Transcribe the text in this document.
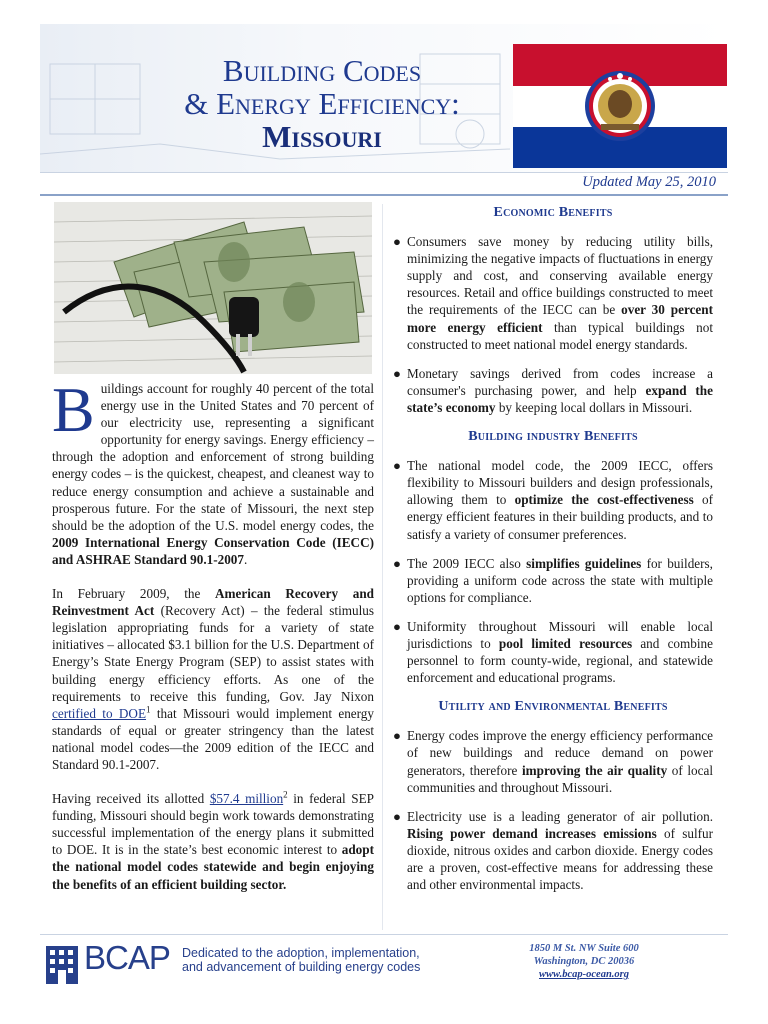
Building Codes
& Energy Efficiency:
Missouri
Updated May 25, 2010

Buildings account for roughly 40 percent of the total energy use in the United States and 70 percent of our electricity use, representing a significant opportunity for energy savings. Energy efficiency – through the adoption and enforcement of strong building energy codes – is the quickest, cheapest, and cleanest way to reduce energy consumption and achieve a sustainable and prosperous future. For the state of Missouri, the next step should be the adoption of the U.S. model energy codes, the 2009 International Energy Conservation Code (IECC) and ASHRAE Standard 90.1-2007.

In February 2009, the American Recovery and Reinvestment Act (Recovery Act) – the federal stimulus legislation appropriating funds for a variety of state initiatives – allocated $3.1 billion for the U.S. Department of Energy’s State Energy Program (SEP) to assist states with building energy efficiency efforts. As one of the requirements to receive this funding, Gov. Jay Nixon certified to DOE$^1$ that Missouri would implement energy standards of equal or greater stringency than the latest national model codes—the 2009 edition of the IECC and Standard 90.1-2007.

Having received its allotted $57.4 million$^2$ in federal SEP funding, Missouri should begin work towards demonstrating successful implementation of the energy plans it submitted to DOE. It is in the state’s best economic interest to adopt the national model codes statewide and begin enjoying the benefits of an efficient building sector.

Economic Benefits
● Consumers save money by reducing utility bills, minimizing the negative impacts of fluctuations in energy supply and cost, and conserving available energy resources. Retail and office buildings constructed to meet the requirements of the IECC can be over 30 percent more energy efficient than typical buildings not constructed to meet national model energy standards.
● Monetary savings derived from codes increase a consumer's purchasing power, and help expand the state’s economy by keeping local dollars in Missouri.
Building industry Benefits
● The national model code, the 2009 IECC, offers flexibility to Missouri builders and design professionals, allowing them to optimize the cost-effectiveness of energy efficient features in their building products, and to satisfy a variety of consumer preferences.
● The 2009 IECC also simplifies guidelines for builders, providing a uniform code across the state with multiple options for compliance.
● Uniformity throughout Missouri will enable local jurisdictions to pool limited resources and combine personnel to form county-wide, regional, and statewide enforcement and educational programs.
Utility and Environmental Benefits
● Energy codes improve the energy efficiency performance of new buildings and reduce demand on power generators, therefore improving the air quality of local communities and throughout Missouri.
● Electricity use is a leading generator of air pollution. Rising power demand increases emissions of sulfur dioxide, nitrous oxides and carbon dioxide. Energy codes are a proven, cost-effective means for addressing these and other environmental impacts.
BCAP Dedicated to the adoption, implementation,
and advancement of building energy codes
1850 M St. NW Suite 600
Washington, DC 20036
www.bcap-ocean.org
